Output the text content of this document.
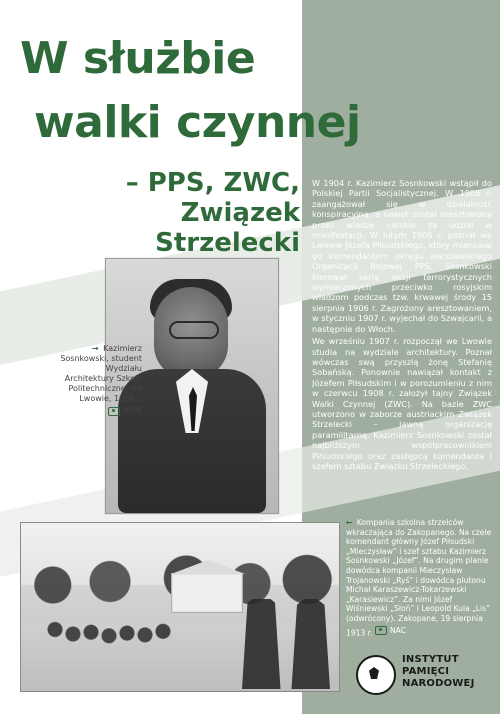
W służbie
walki czynnej
– PPS, ZWC,
Związek Strzelecki
→ Kazimierz Sosnkowski, student Wydziału Architektury Szkoły Politechnicznej we Lwowie, 1908 r.
AIPN

W 1904 r. Kazimierz Sosnkowski wstąpił do Polskiej Partii Socjalistycznej. W 1905 r. zaangażował się w działalność konspiracyjną, a nawet został aresztowany przez władze carskie za udział w manifestacji. W lutym 1906 r. poznał we Lwowie Józefa Piłsudskiego, który mianował go komendantem okręgu warszawskiego Organizacji Bojowej PPS. Sosnkowski kierował serią akcji terrorystycznych wymierzonych przeciwko rosyjskim władzom podczas tzw. krwawej środy 15 sierpnia 1906 r. Zagrożony aresztowaniem, w styczniu 1907 r. wyjechał do Szwajcarii, a następnie do Włoch.

We wrześniu 1907 r. rozpoczął we Lwowie studia na wydziale architektury. Poznał wówczas swą przyszłą żonę Stefanię Sobańską. Ponownie nawiązał kontakt z Józefem Piłsudskim i w porozumieniu z nim w czerwcu 1908 r. założył tajny Związek Walki Czynnej (ZWC). Na bazie ZWC utworzono w zaborze austriackim Związek Strzelecki – jawną organizację paramilitarną. Kazimierz Sosnkowski został najbliższym współpracownikiem Piłsudskiego oraz zastępcą komendanta i szefem sztabu Związku Strzeleckiego.

← Kompania szkolna strzelców wkraczająca do Zakopanego. Na czele komendant główny Józef Piłsudski „Mieczysław” i szef sztabu Kazimierz Sosnkowski „Józef”. Na drugim planie dowódca kompanii Mieczysław Trojanowski „Ryś” i dowódca plutonu Michał Karaszewicz-Tokarzewski „Karasiewicz”. Za nimi Józef Wiśniewski „Słoń” i Leopold Kula „Lis” (odwrócony). Zakopane, 19 sierpnia 1913 r. NAC
INSTYTUT
PAMIĘCI
NARODOWEJ
